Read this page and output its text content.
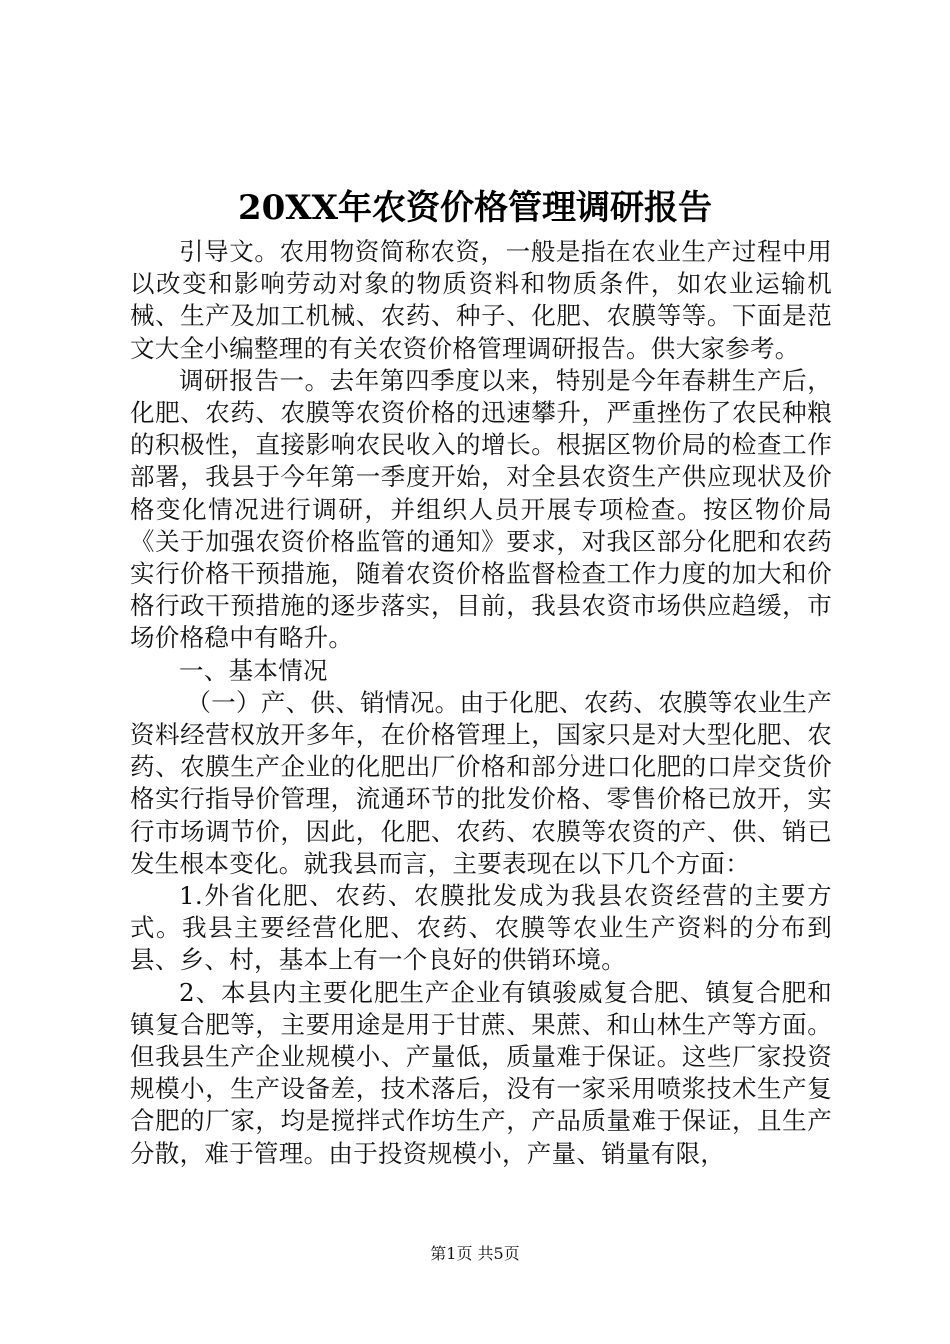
20XX年农资价格管理调研报告

引导文。农用物资简称农资，一般是指在农业生产过程中用以改变和影响劳动对象的物质资料和物质条件，如农业运输机械、生产及加工机械、农药、种子、化肥、农膜等等。下面是范文大全小编整理的有关农资价格管理调研报告。供大家参考。

调研报告一。去年第四季度以来，特别是今年春耕生产后，化肥、农药、农膜等农资价格的迅速攀升，严重挫伤了农民种粮的积极性，直接影响农民收入的增长。根据区物价局的检查工作部署，我县于今年第一季度开始，对全县农资生产供应现状及价格变化情况进行调研，并组织人员开展专项检查。按区物价局《关于加强农资价格监管的通知》要求，对我区部分化肥和农药实行价格干预措施，随着农资价格监督检查工作力度的加大和价格行政干预措施的逐步落实，目前，我县农资市场供应趋缓，市场价格稳中有略升。

一、基本情况

（一）产、供、销情况。由于化肥、农药、农膜等农业生产资料经营权放开多年，在价格管理上，国家只是对大型化肥、农药、农膜生产企业的化肥出厂价格和部分进口化肥的口岸交货价格实行指导价管理，流通环节的批发价格、零售价格已放开，实行市场调节价，因此，化肥、农药、农膜等农资的产、供、销已发生根本变化。就我县而言，主要表现在以下几个方面：

1.外省化肥、农药、农膜批发成为我县农资经营的主要方式。我县主要经营化肥、农药、农膜等农业生产资料的分布到县、乡、村，基本上有一个良好的供销环境。

2、本县内主要化肥生产企业有镇骏威复合肥、镇复合肥和镇复合肥等，主要用途是用于甘蔗、果蔗、和山林生产等方面。但我县生产企业规模小、产量低，质量难于保证。这些厂家投资规模小，生产设备差，技术落后，没有一家采用喷浆技术生产复合肥的厂家，均是搅拌式作坊生产，产品质量难于保证，且生产分散，难于管理。由于投资规模小，产量、销量有限，

第1页 共5页
